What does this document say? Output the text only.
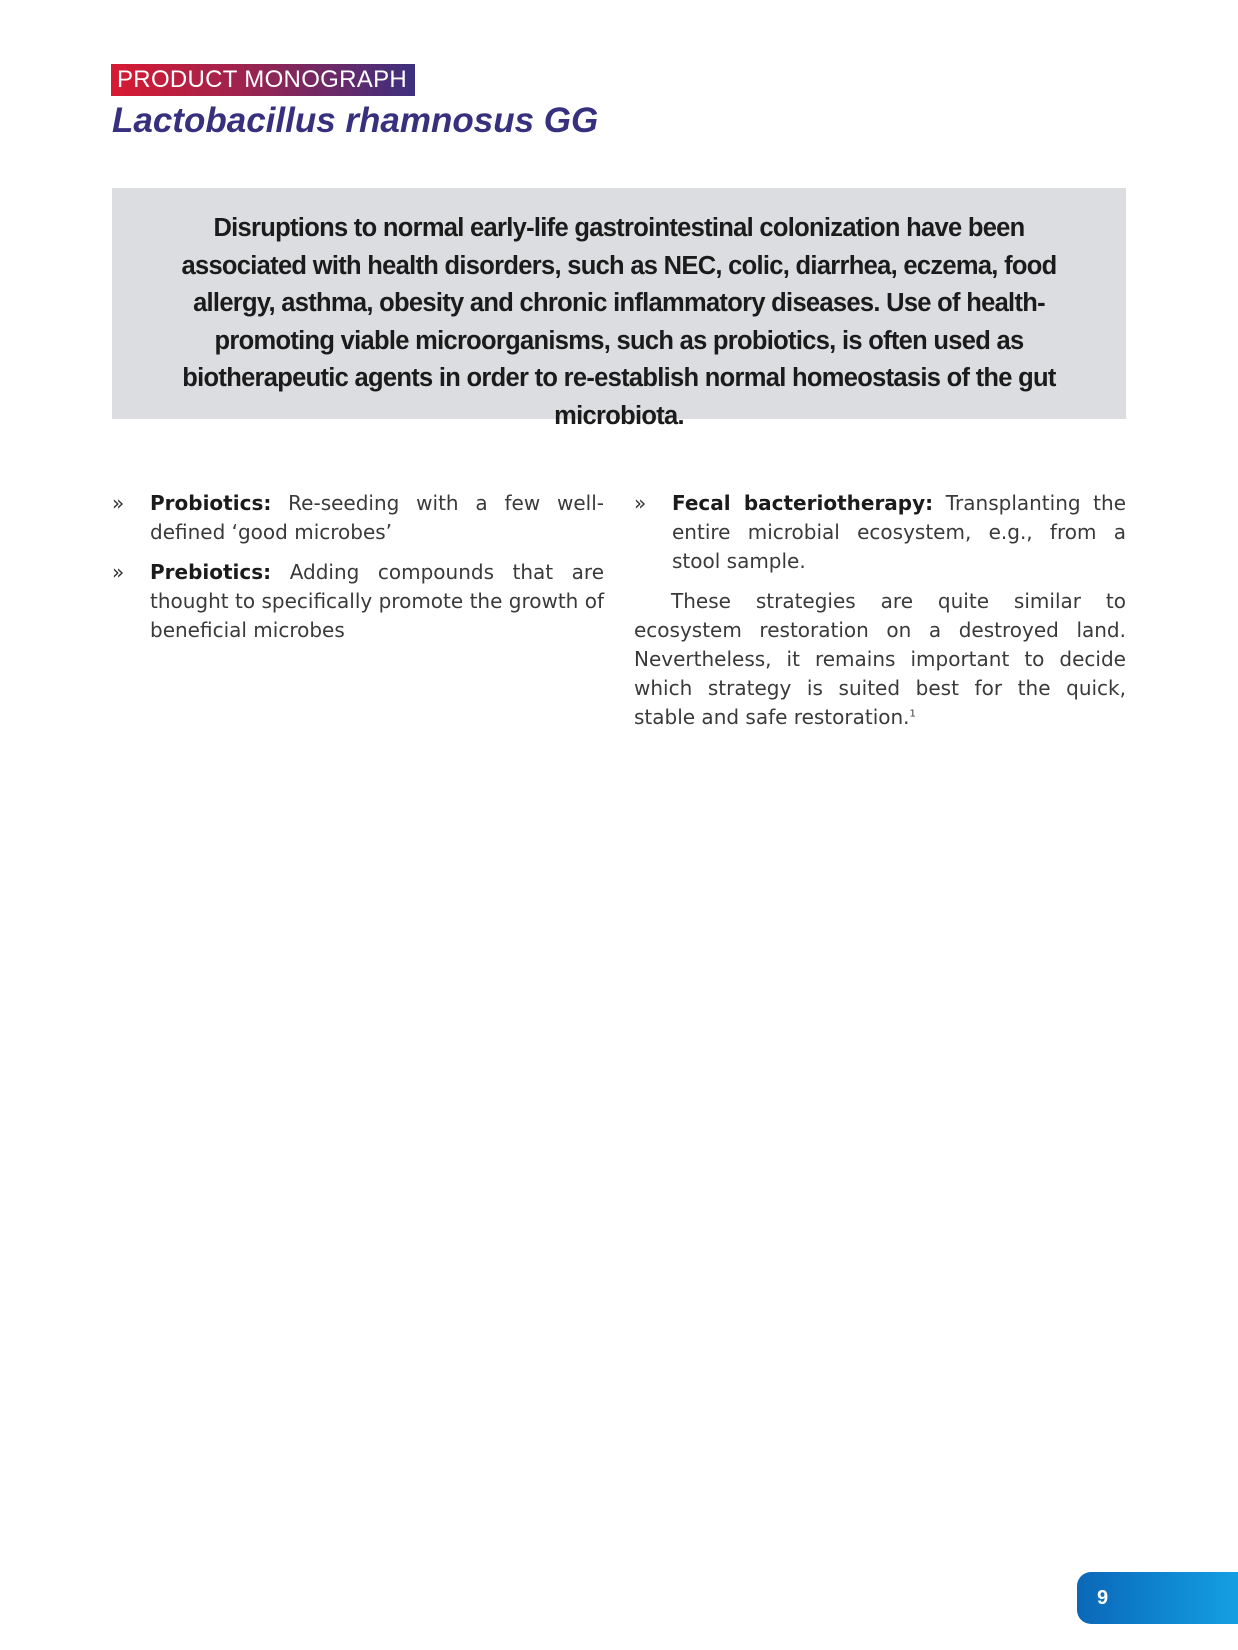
PRODUCT MONOGRAPH
Lactobacillus rhamnosus GG
Disruptions to normal early-life gastrointestinal colonization have been associated with health disorders, such as NEC, colic, diarrhea, eczema, food allergy, asthma, obesity and chronic inflammatory diseases. Use of health-promoting viable microorganisms, such as probiotics, is often used as biotherapeutic agents in order to re-establish normal homeostasis of the gut microbiota.
»	Probiotics: Re-seeding with a few well-defined ‘good microbes’
»	Prebiotics: Adding compounds that are thought to specifically promote the growth of beneficial microbes
»	Fecal bacteriotherapy: Transplanting the entire microbial ecosystem, e.g., from a stool sample.

These strategies are quite similar to ecosystem restoration on a destroyed land. Nevertheless, it remains important to decide which strategy is suited best for the quick, stable and safe restoration.$^1$

9
